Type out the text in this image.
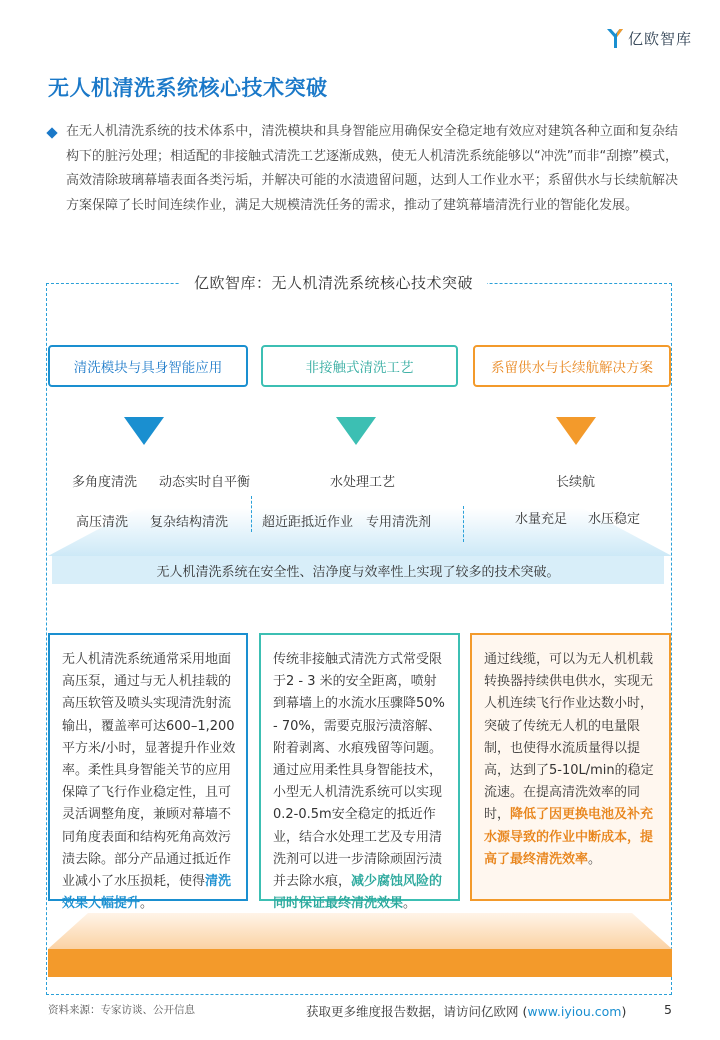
亿欧智库
无人机清洗系统核心技术突破
在无人机清洗系统的技术体系中，清洗模块和具身智能应用确保安全稳定地有效应对建筑各种立面和复杂结构下的脏污处理；相适配的非接触式清洗工艺逐渐成熟，使无人机清洗系统能够以“冲洗”而非“刮擦”模式，高效清除玻璃幕墙表面各类污垢，并解决可能的水渍遗留问题，达到人工作业水平；系留供水与长续航解决方案保障了长时间连续作业，满足大规模清洗任务的需求，推动了建筑幕墙清洗行业的智能化发展。
亿欧智库：无人机清洗系统核心技术突破
清洗模块与具身智能应用	非接触式清洗工艺	系留供水与长续航解决方案
多角度清洗 动态实时自平衡	水处理工艺	长续航
高压清洗 复杂结构清洗	超近距抵近作业 专用清洗剂	水量充足 水压稳定
无人机清洗系统在安全性、洁净度与效率性上实现了较多的技术突破。
无人机清洗系统通常采用地面高压泵，通过与无人机挂载的高压软管及喷头实现清洗射流输出，覆盖率可达600–1,200平方米/小时，显著提升作业效率。柔性具身智能关节的应用保障了飞行作业稳定性，且可灵活调整角度，兼顾对幕墙不同角度表面和结构死角高效污渍去除。部分产品通过抵近作业减小了水压损耗，使得清洗效果大幅提升。
传统非接触式清洗方式常受限于2 - 3 米的安全距离，喷射到幕墙上的水流水压骤降50% - 70%，需要克服污渍溶解、附着剥离、水痕残留等问题。通过应用柔性具身智能技术，小型无人机清洗系统可以实现0.2-0.5m安全稳定的抵近作业，结合水处理工艺及专用清洗剂可以进一步清除顽固污渍并去除水痕，减少腐蚀风险的同时保证最终清洗效果。
通过线缆，可以为无人机机载转换器持续供电供水，实现无人机连续飞行作业达数小时，突破了传统无人机的电量限制，也使得水流质量得以提高，达到了5-10L/min的稳定流速。在提高清洗效率的同时，降低了因更换电池及补充水源导致的作业中断成本，提高了最终清洗效率。
资料来源：专家访谈、公开信息	获取更多维度报告数据，请访问亿欧网 (www.iyiou.com)	5
